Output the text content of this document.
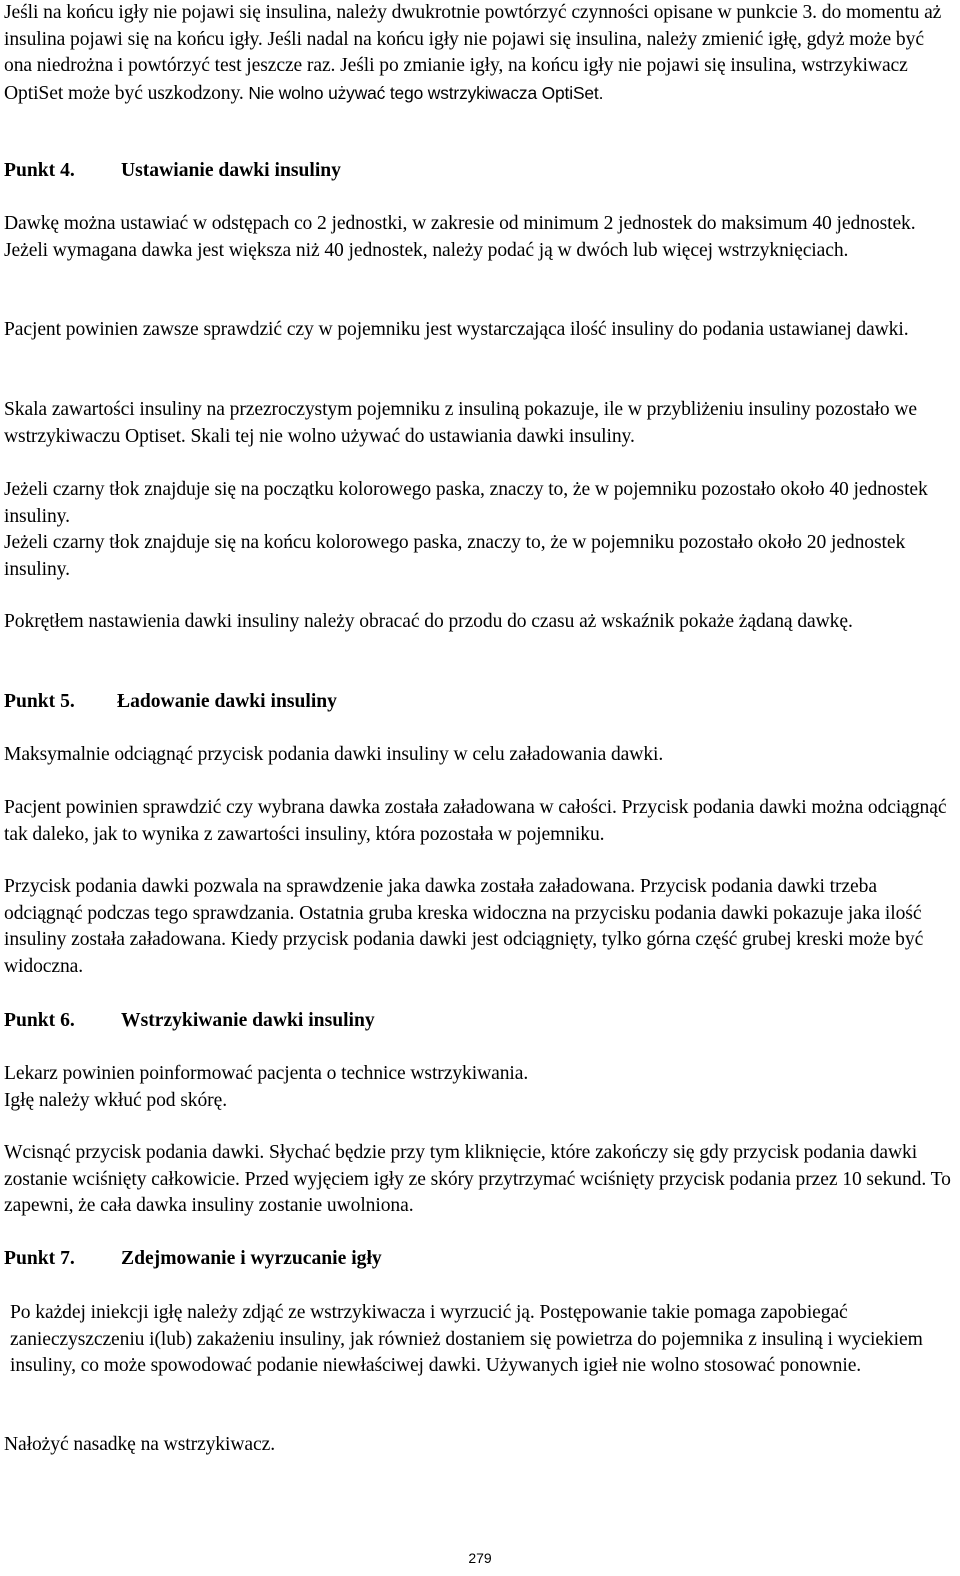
Jeśli na końcu igły nie pojawi się insulina, należy dwukrotnie powtórzyć czynności opisane w punkcie 3. do momentu aż insulina pojawi się na końcu igły. Jeśli nadal na końcu igły nie pojawi się insulina, należy zmienić igłę, gdyż może być ona niedrożna i powtórzyć test jeszcze raz. Jeśli po zmianie igły, na końcu igły nie pojawi się insulina, wstrzykiwacz OptiSet może być uszkodzony. Nie wolno używać tego wstrzykiwacza OptiSet.

Punkt 4. Ustawianie dawki insuliny

Dawkę można ustawiać w odstępach co 2 jednostki, w zakresie od minimum 2 jednostek do maksimum 40 jednostek. Jeżeli wymagana dawka jest większa niż 40 jednostek, należy podać ją w dwóch lub więcej wstrzyknięciach.

Pacjent powinien zawsze sprawdzić czy w pojemniku jest wystarczająca ilość insuliny do podania ustawianej dawki.

Skala zawartości insuliny na przezroczystym pojemniku z insuliną pokazuje, ile w przybliżeniu insuliny pozostało we wstrzykiwaczu Optiset. Skali tej nie wolno używać do ustawiania dawki insuliny.

Jeżeli czarny tłok znajduje się na początku kolorowego paska, znaczy to, że w pojemniku pozostało około 40 jednostek insuliny.

Jeżeli czarny tłok znajduje się na końcu kolorowego paska, znaczy to, że w pojemniku pozostało około 20 jednostek insuliny.

Pokrętłem nastawienia dawki insuliny należy obracać do przodu do czasu aż wskaźnik pokaże żądaną dawkę.

Punkt 5. Ładowanie dawki insuliny

Maksymalnie odciągnąć przycisk podania dawki insuliny w celu załadowania dawki.

Pacjent powinien sprawdzić czy wybrana dawka została załadowana w całości. Przycisk podania dawki można odciągnąć tak daleko, jak to wynika z zawartości insuliny, która pozostała w pojemniku.

Przycisk podania dawki pozwala na sprawdzenie jaka dawka została załadowana. Przycisk podania dawki trzeba odciągnąć podczas tego sprawdzania. Ostatnia gruba kreska widoczna na przycisku podania dawki pokazuje jaka ilość insuliny została załadowana. Kiedy przycisk podania dawki jest odciągnięty, tylko górna część grubej kreski może być widoczna.

Punkt 6. Wstrzykiwanie dawki insuliny

Lekarz powinien poinformować pacjenta o technice wstrzykiwania.

Igłę należy wkłuć pod skórę.

Wcisnąć przycisk podania dawki. Słychać będzie przy tym kliknięcie, które zakończy się gdy przycisk podania dawki zostanie wciśnięty całkowicie. Przed wyjęciem igły ze skóry przytrzymać wciśnięty przycisk podania przez 10 sekund. To zapewni, że cała dawka insuliny zostanie uwolniona.

Punkt 7. Zdejmowanie i wyrzucanie igły

Po każdej iniekcji igłę należy zdjąć ze wstrzykiwacza i wyrzucić ją. Postępowanie takie pomaga zapobiegać zanieczyszczeniu i(lub) zakażeniu insuliny, jak również dostaniem się powietrza do pojemnika z insuliną i wyciekiem insuliny, co może spowodować podanie niewłaściwej dawki. Używanych igieł nie wolno stosować ponownie.

Nałożyć nasadkę na wstrzykiwacz.

279
